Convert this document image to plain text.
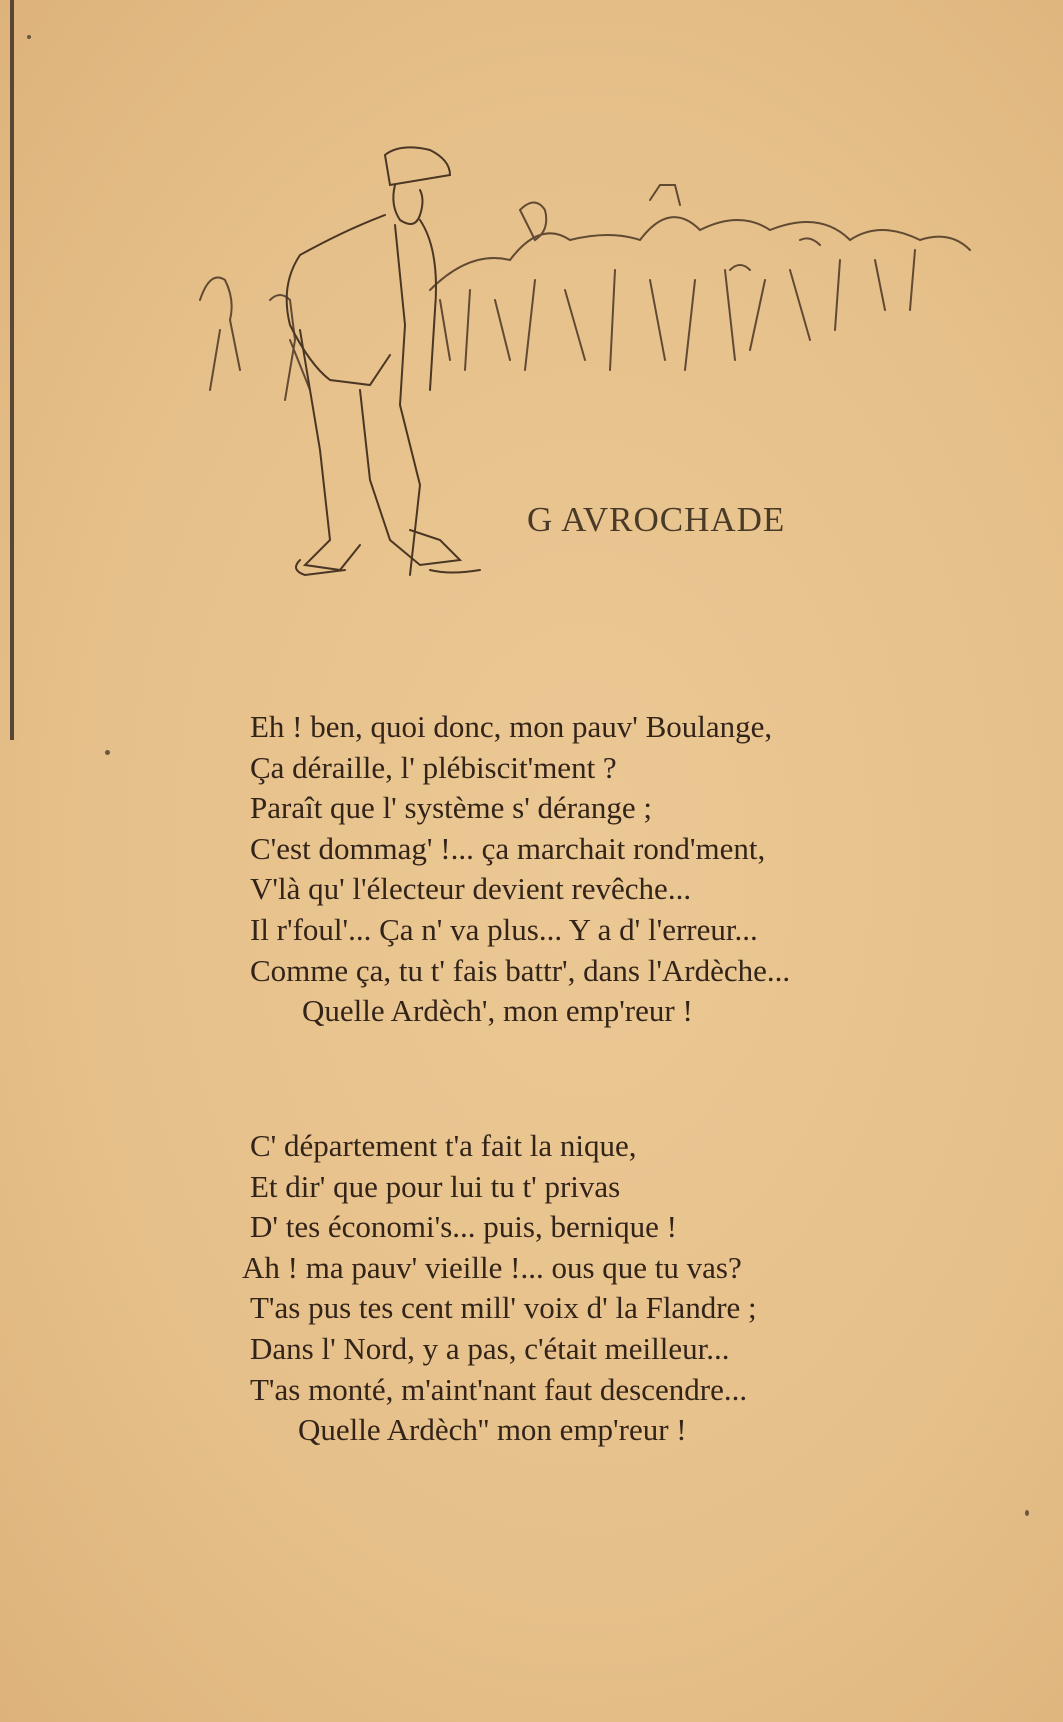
G AVROCHADE
Eh ! ben, quoi donc, mon pauv' Boulange,
Ça déraille, l' plébiscit'ment ?
Paraît que l' système s' dérange ;
C'est dommag' !... ça marchait rond'ment,
V'là qu' l'électeur devient revêche...
Il r'foul'... Ça n' va plus... Y a d' l'erreur...
Comme ça, tu t' fais battr', dans l'Ardèche...
Quelle Ardèch', mon emp'reur !
C' département t'a fait la nique,
Et dir' que pour lui tu t' privas
D' tes économi's... puis, bernique !
Ah ! ma pauv' vieille !... ous que tu vas?
T'as pus tes cent mill' voix d' la Flandre ;
Dans l' Nord, y a pas, c'était meilleur...
T'as monté, m'aint'nant faut descendre...
Quelle Ardèch'' mon emp'reur !
